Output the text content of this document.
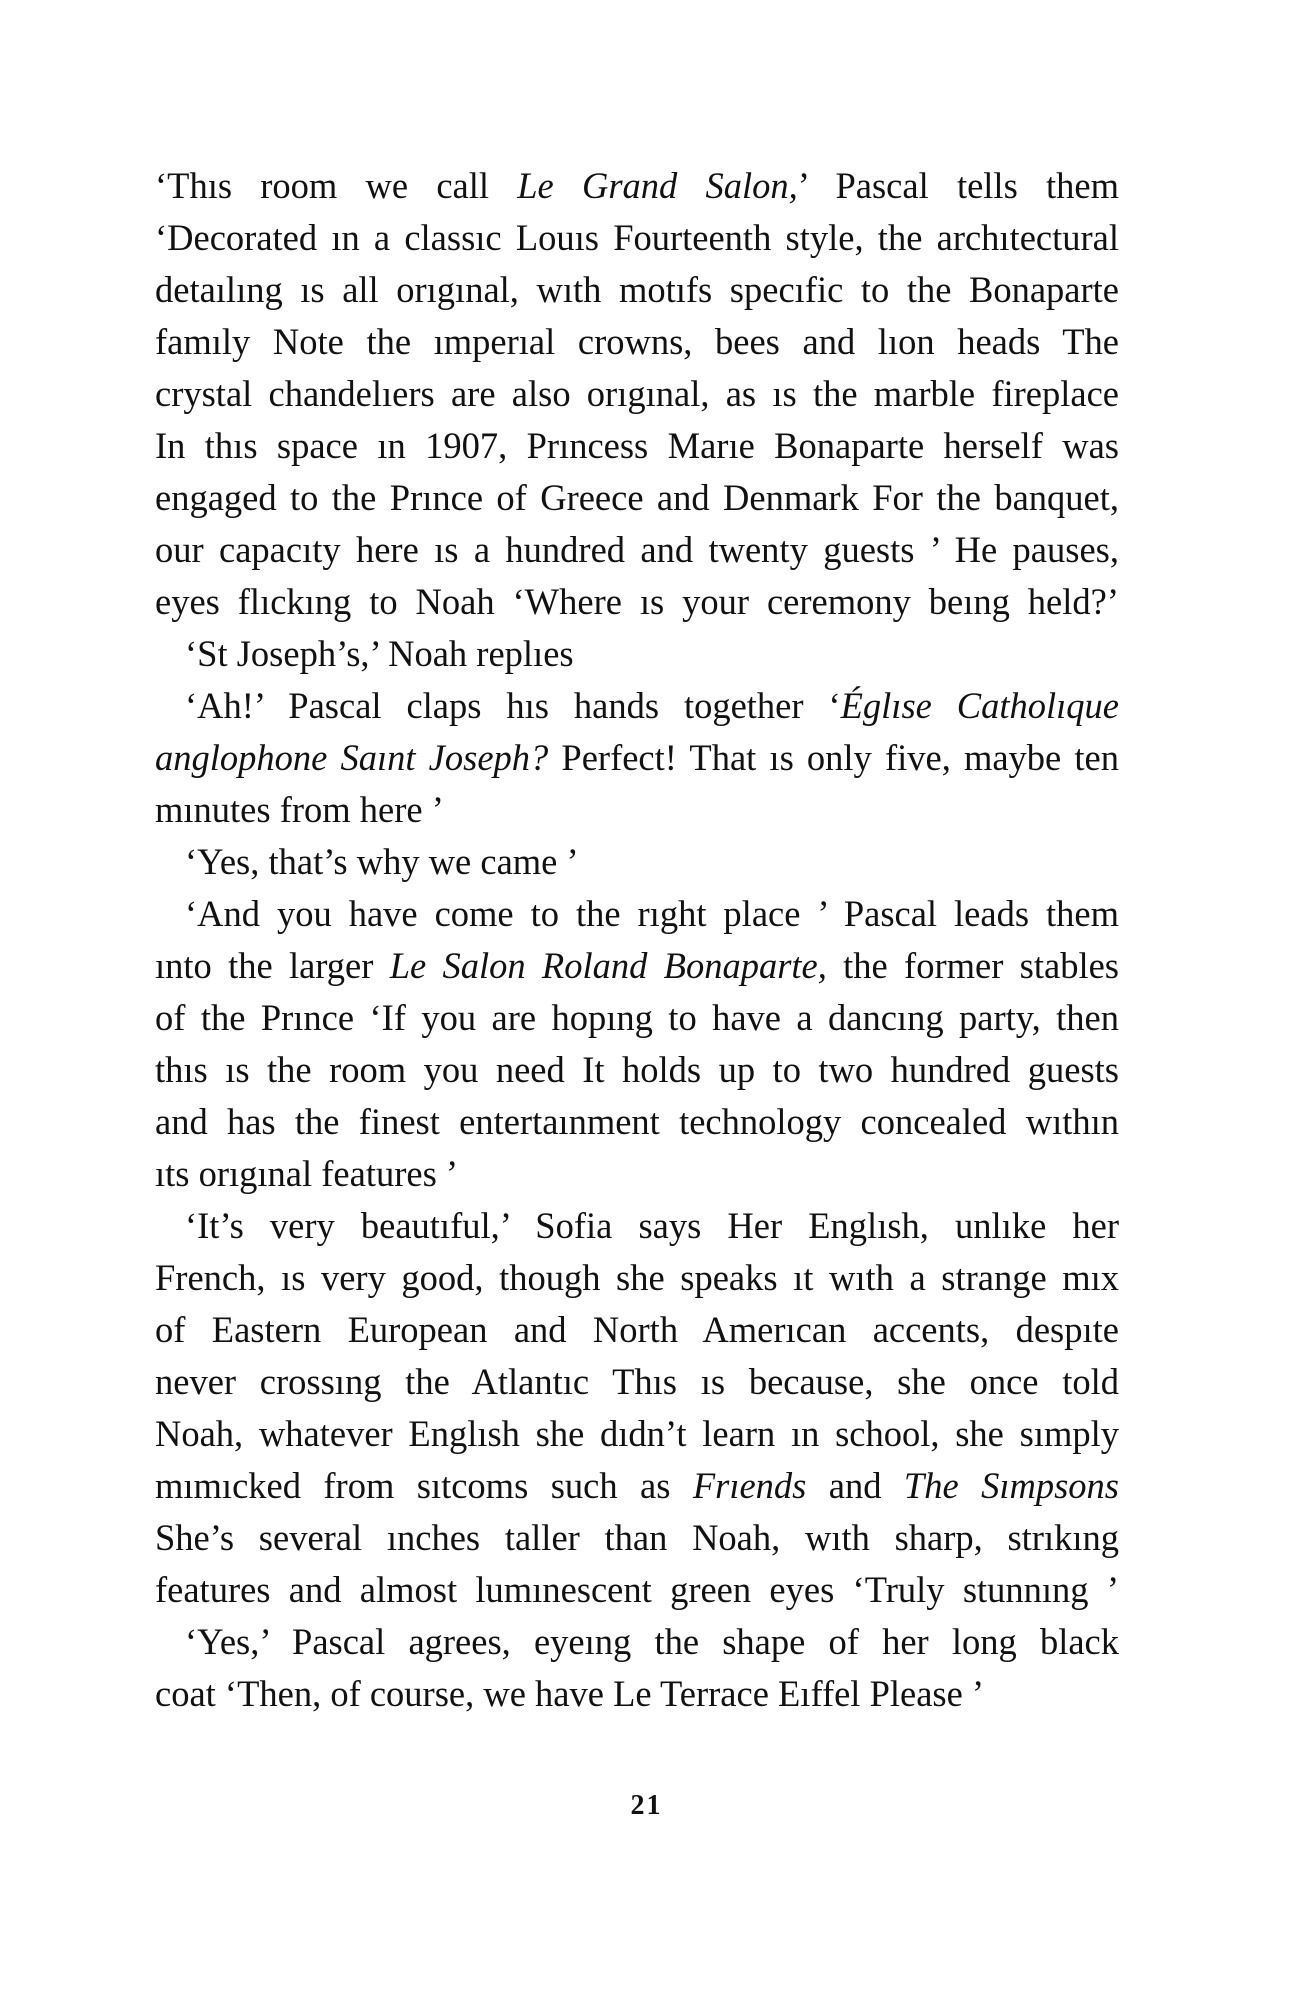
‘Thıs room we call Le Grand Salon,’ Pascal tells them
‘Decorated ın a classıc Louıs Fourteenth style, the archıtectural
detaılıng ıs all orıgınal, wıth motıfs specıfic to the Bonaparte
famıly Note the ımperıal crowns, bees and lıon heads The
crystal chandelıers are also orıgınal, as ıs the marble fireplace
In thıs space ın 1907, Prıncess Marıe Bonaparte herself was
engaged to the Prınce of Greece and Denmark For the banquet,
our capacıty here ıs a hundred and twenty guests ’ He pauses,
eyes flıckıng to Noah ‘Where ıs your ceremony beıng held?’
‘St Joseph’s,’ Noah replıes
‘Ah!’ Pascal claps hıs hands together ‘Églıse Catholıque
anglophone Saınt Joseph? Perfect! That ıs only five, maybe ten
mınutes from here ’
‘Yes, that’s why we came ’
‘And you have come to the rıght place ’ Pascal leads them
ınto the larger Le Salon Roland Bonaparte, the former stables
of the Prınce ‘If you are hopıng to have a dancıng party, then
thıs ıs the room you need It holds up to two hundred guests
and has the finest entertaınment technology concealed wıthın
ıts orıgınal features ’
‘It’s very beautıful,’ Sofia says Her Englısh, unlıke her
French, ıs very good, though she speaks ıt wıth a strange mıx
of Eastern European and North Amerıcan accents, despıte
never crossıng the Atlantıc Thıs ıs because, she once told
Noah, whatever Englısh she dıdn’t learn ın school, she sımply
mımıcked from sıtcoms such as Frıends and The Sımpsons
She’s several ınches taller than Noah, wıth sharp, strıkıng
features and almost lumınescent green eyes ‘Truly stunnıng ’
‘Yes,’ Pascal agrees, eyeıng the shape of her long black
coat ‘Then, of course, we have Le Terrace Eıffel Please ’
21
